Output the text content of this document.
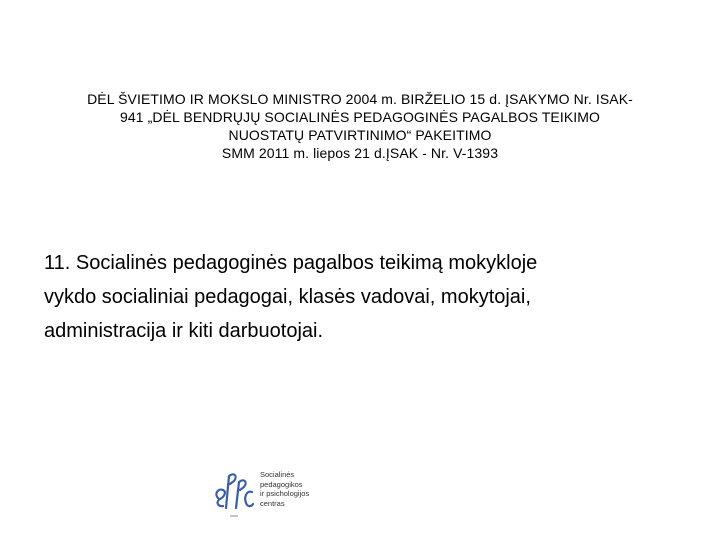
DĖL ŠVIETIMO IR MOKSLO MINISTRO 2004 m. BIRŽELIO 15 d. ĮSAKYMO Nr. ISAK-
941 „DĖL BENDRŲJŲ SOCIALINĖS PEDAGOGINĖS PAGALBOS TEIKIMO
NUOSTATŲ PATVIRTINIMO“ PAKEITIMO
SMM 2011 m. liepos 21 d.ĮSAK - Nr. V-1393
11. Socialinės pedagoginės pagalbos teikimą mokykloje
vykdo socialiniai pedagogai, klasės vadovai, mokytojai,
administracija ir kiti darbuotojai.
Socialinės
pedagogikos
ir psichologijos
centras
